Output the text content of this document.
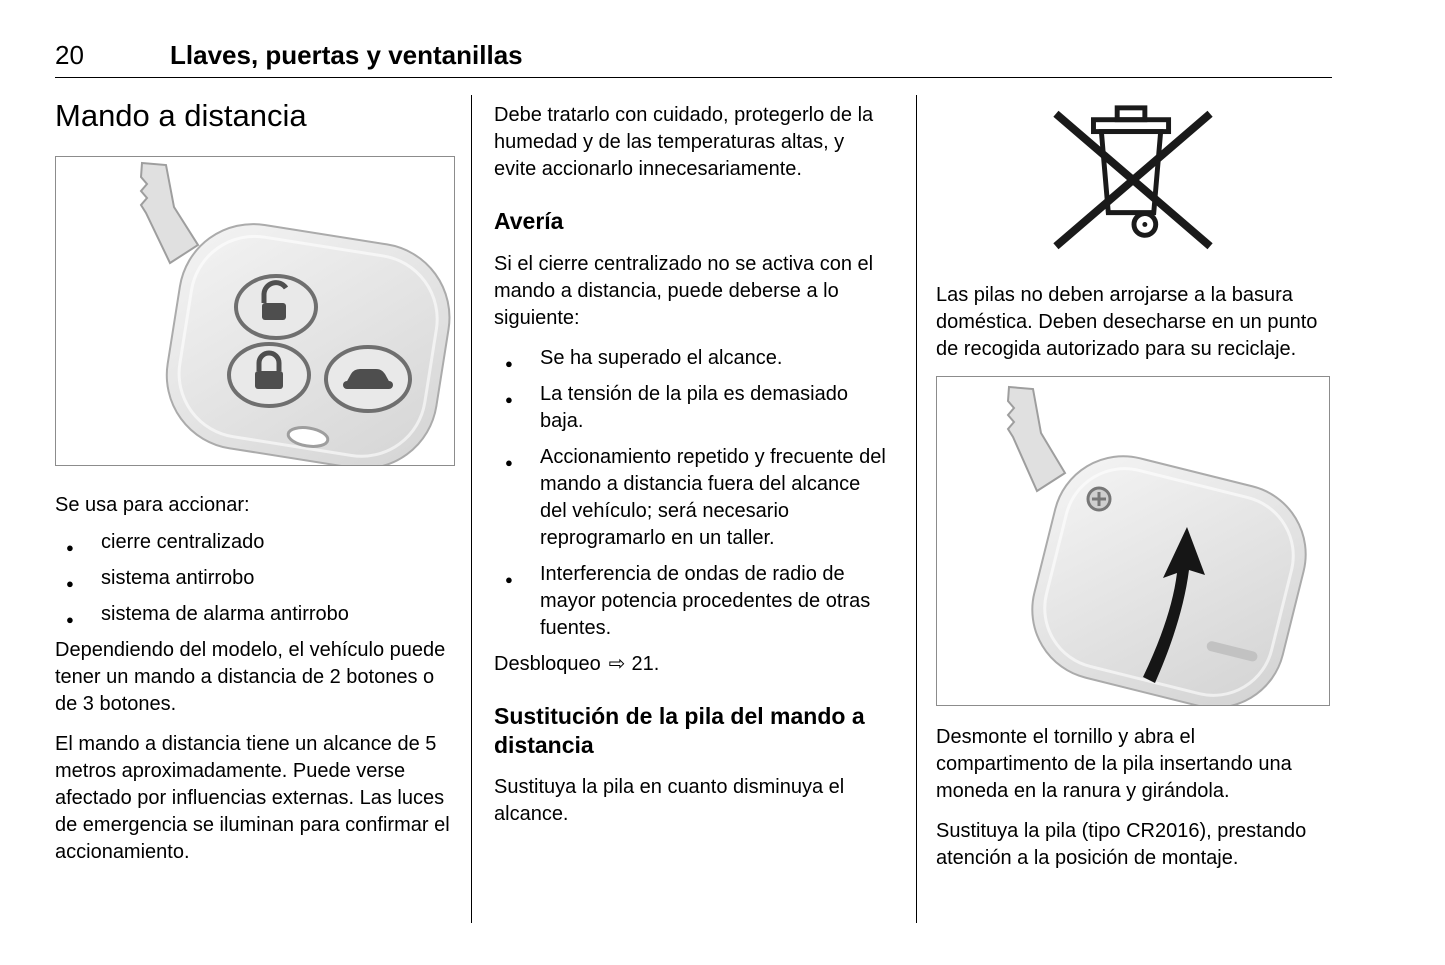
20	Llaves, puertas y ventanillas
Mando a distancia

Se usa para accionar:

● cierre centralizado
● sistema antirrobo
● sistema de alarma antirrobo

Dependiendo del modelo, el vehículo puede tener un mando a distancia de 2 botones o de 3 botones.

El mando a distancia tiene un alcance de 5 metros aproximadamente. Puede verse afectado por influencias externas. Las luces de emergencia se iluminan para confirmar el accionamiento.

Debe tratarlo con cuidado, protegerlo de la humedad y de las temperaturas altas, y evite accionarlo innecesariamente.

Avería

Si el cierre centralizado no se activa con el mando a distancia, puede deberse a lo siguiente:

● Se ha superado el alcance.
● La tensión de la pila es demasiado baja.
● Accionamiento repetido y frecuente del mando a distancia fuera del alcance del vehículo; será necesario reprogramarlo en un taller.
● Interferencia de ondas de radio de mayor potencia procedentes de otras fuentes.

Desbloqueo ⇨ 21.

Sustitución de la pila del mando a distancia

Sustituya la pila en cuanto disminuya el alcance.

Las pilas no deben arrojarse a la basura doméstica. Deben desecharse en un punto de recogida autorizado para su reciclaje.

Desmonte el tornillo y abra el compartimento de la pila insertando una moneda en la ranura y girándola.

Sustituya la pila (tipo CR2016), prestando atención a la posición de montaje.
